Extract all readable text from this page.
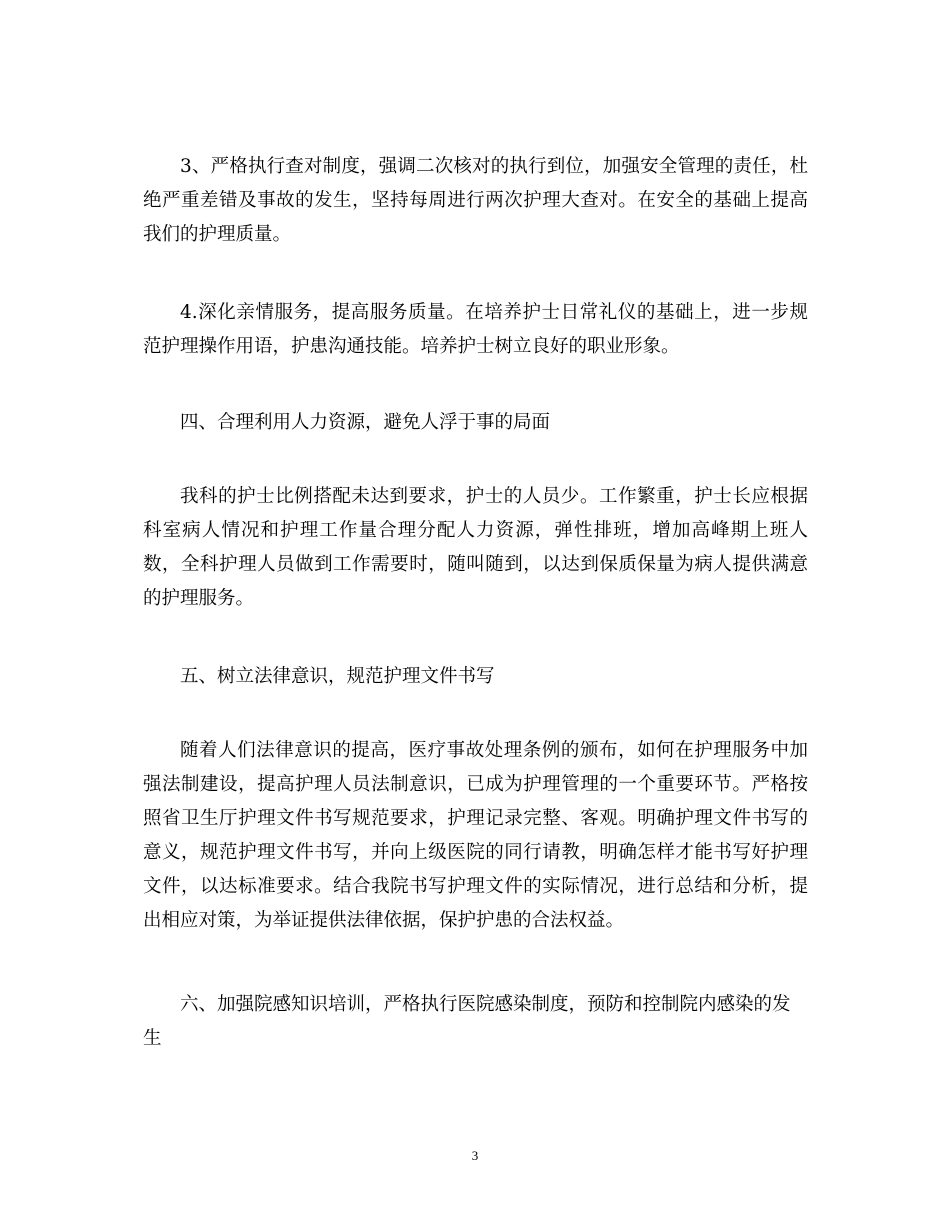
3、严格执行查对制度，强调二次核对的执行到位，加强安全管理的责任，杜绝严重差错及事故的发生，坚持每周进行两次护理大查对。在安全的基础上提高我们的护理质量。

4.深化亲情服务，提高服务质量。在培养护士日常礼仪的基础上，进一步规范护理操作用语，护患沟通技能。培养护士树立良好的职业形象。

四、合理利用人力资源，避免人浮于事的局面

我科的护士比例搭配未达到要求，护士的人员少。工作繁重，护士长应根据科室病人情况和护理工作量合理分配人力资源，弹性排班，增加高峰期上班人数，全科护理人员做到工作需要时，随叫随到，以达到保质保量为病人提供满意的护理服务。

五、树立法律意识，规范护理文件书写

随着人们法律意识的提高，医疗事故处理条例的颁布，如何在护理服务中加强法制建设，提高护理人员法制意识，已成为护理管理的一个重要环节。严格按照省卫生厅护理文件书写规范要求，护理记录完整、客观。明确护理文件书写的意义，规范护理文件书写，并向上级医院的同行请教，明确怎样才能书写好护理文件，以达标准要求。结合我院书写护理文件的实际情况，进行总结和分析，提出相应对策，为举证提供法律依据，保护护患的合法权益。

六、加强院感知识培训，严格执行医院感染制度，预防和控制院内感染的发生

3
